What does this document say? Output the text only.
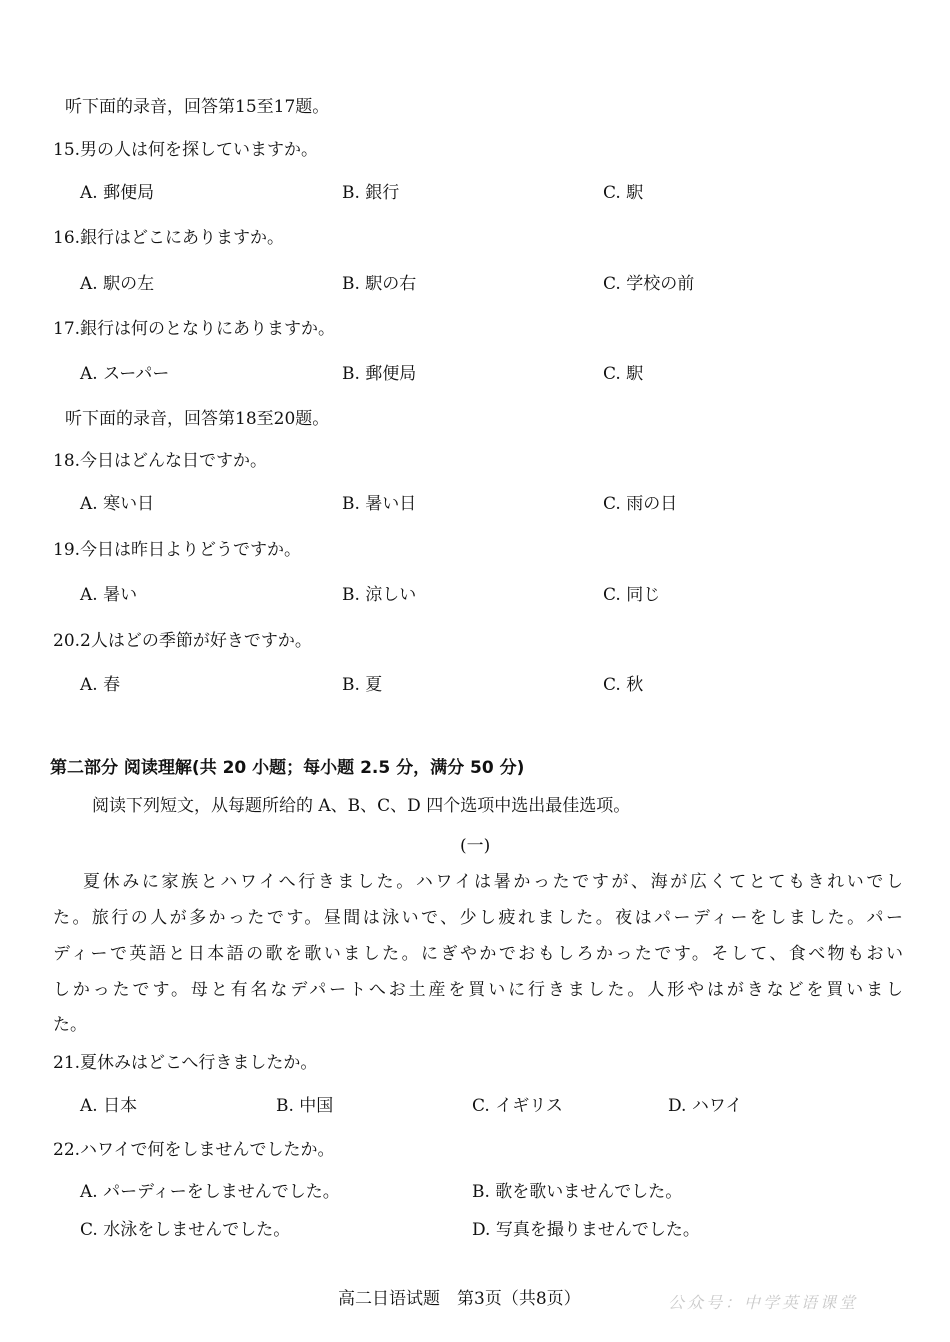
听下面的录音，回答第15至17题。
15.男の人は何を探していますか。
A. 郵便局	B. 銀行	C. 駅
16.銀行はどこにありますか。
A. 駅の左	B. 駅の右	C. 学校の前
17.銀行は何のとなりにありますか。
A. スーパー	B. 郵便局	C. 駅
听下面的录音，回答第18至20题。
18.今日はどんな日ですか。
A. 寒い日	B. 暑い日	C. 雨の日
19.今日は昨日よりどうですか。
A. 暑い	B. 涼しい	C. 同じ
20.2人はどの季節が好きですか。
A. 春	B. 夏	C. 秋
第二部分 阅读理解(共 20 小题；每小题 2.5 分，满分 50 分)
阅读下列短文，从每题所给的 A、B、C、D 四个选项中选出最佳选项。
(一)
夏休みに家族とハワイへ行きました。ハワイは暑かったですが、海が広くてとてもきれいでし
た。旅行の人が多かったです。昼間は泳いで、少し疲れました。夜はパーディーをしました。パー
ディーで英語と日本語の歌を歌いました。にぎやかでおもしろかったです。そして、食べ物もおい
しかったです。母と有名なデパートへお土産を買いに行きました。人形やはがきなどを買いまし
た。
21.夏休みはどこへ行きましたか。
A. 日本	B. 中国	C. イギリス	D. ハワイ
22.ハワイで何をしませんでしたか。
A. パーディーをしませんでした。	B. 歌を歌いませんでした。
C. 水泳をしませんでした。	D. 写真を撮りませんでした。
高二日语试题　第3页（共8页）	公众号：中学英语课堂
